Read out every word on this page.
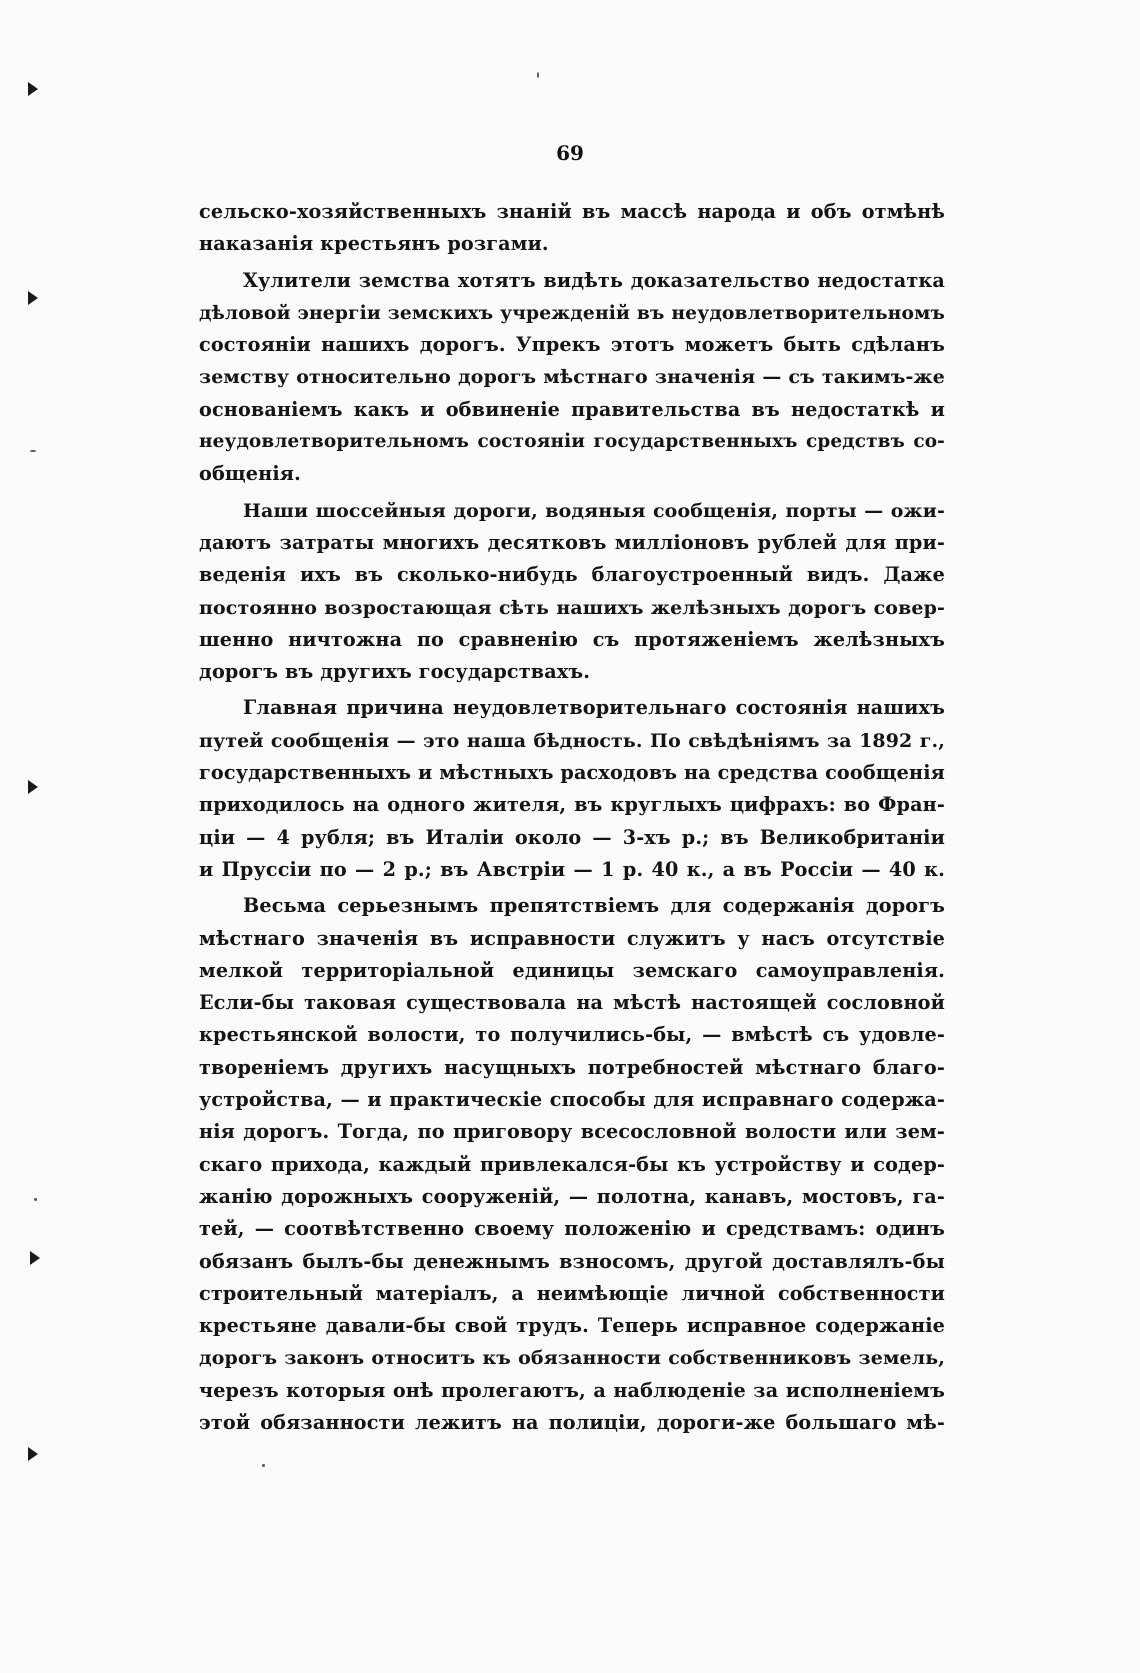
69

сельско-хозяйственныхъ знаній въ массѣ народа и объ отмѣнѣ
наказанія крестьянъ розгами.

Хулители земства хотятъ видѣть доказательство недостатка
дѣловой энергіи земскихъ учрежденій въ неудовлетворительномъ
состояніи нашихъ дорогъ. Упрекъ этотъ можетъ быть сдѣланъ
земству относительно дорогъ мѣстнаго значенія — съ такимъ-же
основаніемъ какъ и обвиненіе правительства въ недостаткѣ и
неудовлетворительномъ состояніи государственныхъ средствъ со-
общенія.

Наши шоссейныя дороги, водяныя сообщенія, порты — ожи-
даютъ затраты многихъ десятковъ милліоновъ рублей для при-
веденія ихъ въ сколько-нибудь благоустроенный видъ. Даже
постоянно возростающая сѣть нашихъ желѣзныхъ дорогъ совер-
шенно ничтожна по сравненію съ протяженіемъ желѣзныхъ
дорогъ въ другихъ государствахъ.

Главная причина неудовлетворительнаго состоянія нашихъ
путей сообщенія — это наша бѣдность. По свѣдѣніямъ за 1892 г.,
государственныхъ и мѣстныхъ расходовъ на средства сообщенія
приходилось на одного жителя, въ круглыхъ цифрахъ: во Фран-
ціи — 4 рубля; въ Италіи около — 3-хъ р.; въ Великобританіи
и Пруссіи по — 2 р.; въ Австріи — 1 р. 40 к., а въ Россіи — 40 к.

Весьма серьезнымъ препятствіемъ для содержанія дорогъ
мѣстнаго значенія въ исправности служитъ у насъ отсутствіе
мелкой территоріальной единицы земскаго самоуправленія.
Если-бы таковая существовала на мѣстѣ настоящей сословной
крестьянской волости, то получились-бы, — вмѣстѣ съ удовле-
твореніемъ другихъ насущныхъ потребностей мѣстнаго благо-
устройства, — и практическіе способы для исправнаго содержа-
нія дорогъ. Тогда, по приговору всесословной волости или зем-
скаго прихода, каждый привлекался-бы къ устройству и содер-
жанію дорожныхъ сооруженій, — полотна, канавъ, мостовъ, га-
тей, — соотвѣтственно своему положенію и средствамъ: одинъ
обязанъ былъ-бы денежнымъ взносомъ, другой доставлялъ-бы
строительный матеріалъ, а неимѣющіе личной собственности
крестьяне давали-бы свой трудъ. Теперь исправное содержаніе
дорогъ законъ относитъ къ обязанности собственниковъ земель,
черезъ которыя онѣ пролегаютъ, а наблюденіе за исполненіемъ
этой обязанности лежитъ на полиціи, дороги-же большаго мѣ-
